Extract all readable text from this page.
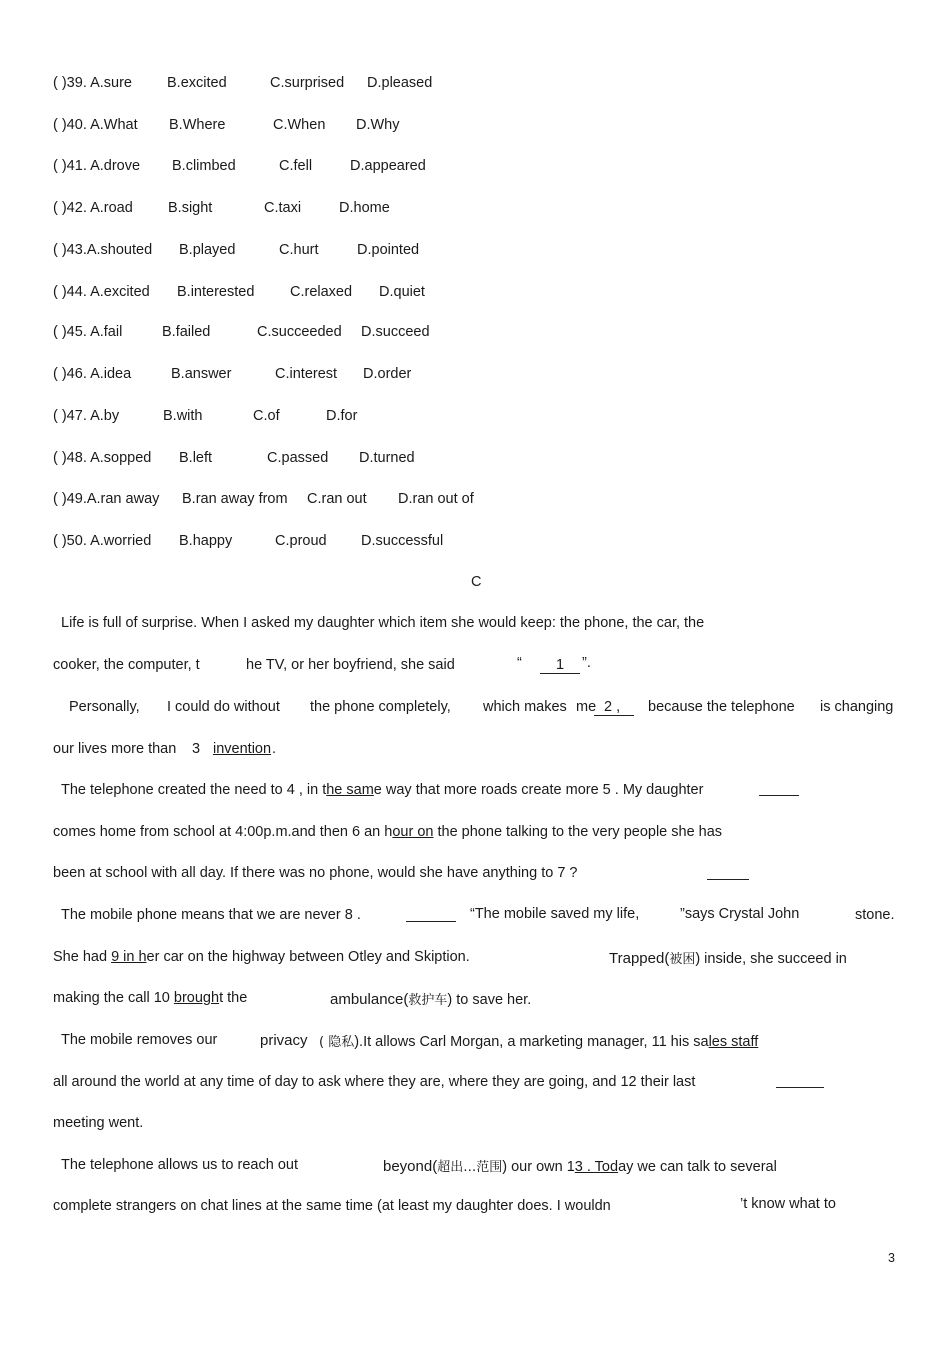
( )39. A.sure B.excited	C.surprised D.pleased
( )40. A.What B.Where	C.When D.Why
( )41. A.drove B.climbed	C.fell	D.appeared
( )42. A.road B.sight	C.taxi	D.home
( )43.A.shouted B.played	C.hurt	D.pointed
( )44. A.excited B.interested C.relaxed D.quiet
( )45. A.fail	B.failed	C.succeeded D.succeed
( )46. A.idea	B.answer	C.interest D.order
( )47. A.by	B.with	C.of	D.for
( )48. A.sopped B.left	C.passed D.turned
( )49.A.ran away B.ran away from C.ran out D.ran out of
( )50. A.worried B.happy	C.proud D.successful
C
Life is full of surprise. When I asked my daughter which item she would keep: the phone, the car, the
cooker, the computer, t	he TV, or her boyfriend, she said	“	1	”.
Personally, I could do without the phone completely, which makes me 2 ,	because the telephone is changing
our lives more than 3 invention .
The telephone created the need to 4 , in the same way that more roads create more 5 . My daughter
comes home from school at 4:00p.m.and then 6 an hour on the phone talking to the very people she has
been at school with all day. If there was no phone, would she have anything to 7 ?
The mobile phone means that we are never 8 .	“The mobile saved my life,	”says Crystal John	stone.
She had 9 in her car on the highway between Otley and Skiption.	Trapped(被困) inside, she succeed in
making the call 10 brought the	ambulance(救护车) to save her.
The mobile removes our	privacy ( 隐私).It allows Carl Morgan, a marketing manager, 11 his sales staff
all around the world at any time of day to ask where they are, where they are going, and 12 their last
meeting went.
The telephone allows us to reach out	beyond(超出…范围) our own 13 . Today we can talk to several
complete strangers on chat lines at the same time (at least my daughter does. I wouldn	’t know what to
3
